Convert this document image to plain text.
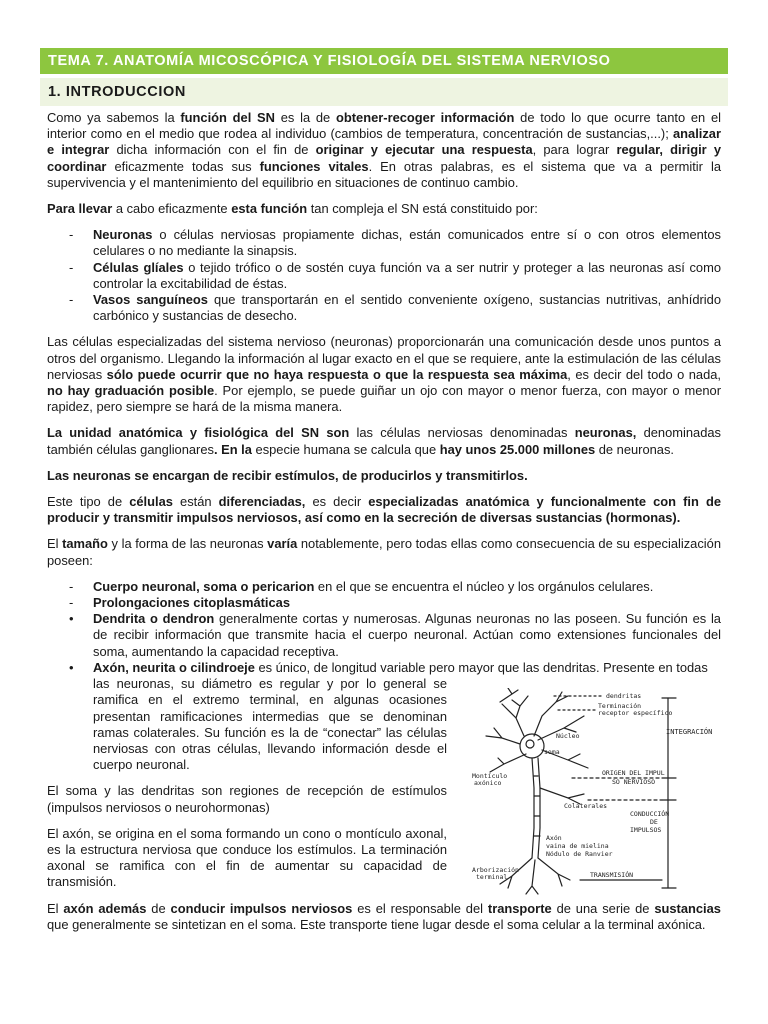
TEMA 7. ANATOMÍA MICOSCÓPICA Y FISIOLOGÍA DEL SISTEMA NERVIOSO
1. INTRODUCCION

Como ya sabemos la función del SN es la de obtener-recoger información de todo lo que ocurre tanto en el interior como en el medio que rodea al individuo (cambios de temperatura, concentración de sustancias,...); analizar e integrar dicha información con el fin de originar y ejecutar una respuesta, para lograr regular, dirigir y coordinar eficazmente todas sus funciones vitales. En otras palabras, es el sistema que va a permitir la supervivencia y el mantenimiento del equilibrio en situaciones de continuo cambio.

Para llevar a cabo eficazmente esta función tan compleja el SN está constituido por:

- Neuronas o células nerviosas propiamente dichas, están comunicados entre sí o con otros elementos celulares o no mediante la sinapsis.
- Células glíales o tejido trófico o de sostén cuya función va a ser nutrir y proteger a las neuronas así como controlar la excitabilidad de éstas.
- Vasos sanguíneos que transportarán en el sentido conveniente oxígeno, sustancias nutritivas, anhídrido carbónico y sustancias de desecho.

Las células especializadas del sistema nervioso (neuronas) proporcionarán una comunicación desde unos puntos a otros del organismo. Llegando la información al lugar exacto en el que se requiere, ante la estimulación de las células nerviosas sólo puede ocurrir que no haya respuesta o que la respuesta sea máxima, es decir del todo o nada, no hay graduación posible. Por ejemplo, se puede guiñar un ojo con mayor o menor fuerza, con mayor o menor rapidez, pero siempre se hará de la misma manera.

La unidad anatómica y fisiológica del SN son las células nerviosas denominadas neuronas, denominadas también células ganglionares. En la especie humana se calcula que hay unos 25.000 millones de neuronas.

Las neuronas se encargan de recibir estímulos, de producirlos y transmitirlos.

Este tipo de células están diferenciadas, es decir especializadas anatómica y funcionalmente con fin de producir y transmitir impulsos nerviosos, así como en la secreción de diversas sustancias (hormonas).

El tamaño y la forma de las neuronas varía notablemente, pero todas ellas como consecuencia de su especialización poseen:

- Cuerpo neuronal, soma o pericarion en el que se encuentra el núcleo y los orgánulos celulares.
- Prolongaciones citoplasmáticas
• Dendrita o dendron generalmente cortas y numerosas. Algunas neuronas no las poseen. Su función es la de recibir información que transmite hacia el cuerpo neuronal. Actúan como extensiones funcionales del soma, aumentando la capacidad receptiva.
• Axón, neurita o cilindroeje es único, de longitud variable pero mayor que las dendritas. Presente en todas
las neuronas, su diámetro es regular y por lo general se ramifica en el extremo terminal, en algunas ocasiones presentan ramificaciones intermedias que se denominan ramas colaterales. Su función es la de “conectar” las células nerviosas con otras células, llevando información desde el cuerpo neuronal.

El soma y las dendritas son regiones de recepción de estímulos (impulsos nerviosos o neurohormonas)

El axón, se origina en el soma formando un cono o montículo axonal, es la estructura nerviosa que conduce los estímulos. La terminación axonal se ramifica con el fin de aumentar su capacidad de transmisión.

El axón además de conducir impulsos nerviosos es el responsable del transporte de una serie de sustancias que generalmente se sintetizan en el soma. Este transporte tiene lugar desde el soma celular a la terminal axónica.

dendritas
Terminación
receptor específico
INTEGRACIÓN
Núcleo
soma
Montículo
axónico
ORIGEN DEL IMPUL
SO NERVIOSO
Colaterales
CONDUCCIÓN
DE
IMPULSOS
Axón
vaina de mielina
Nódulo de Ranvier
Arborización
terminal	TRANSMISIÓN
